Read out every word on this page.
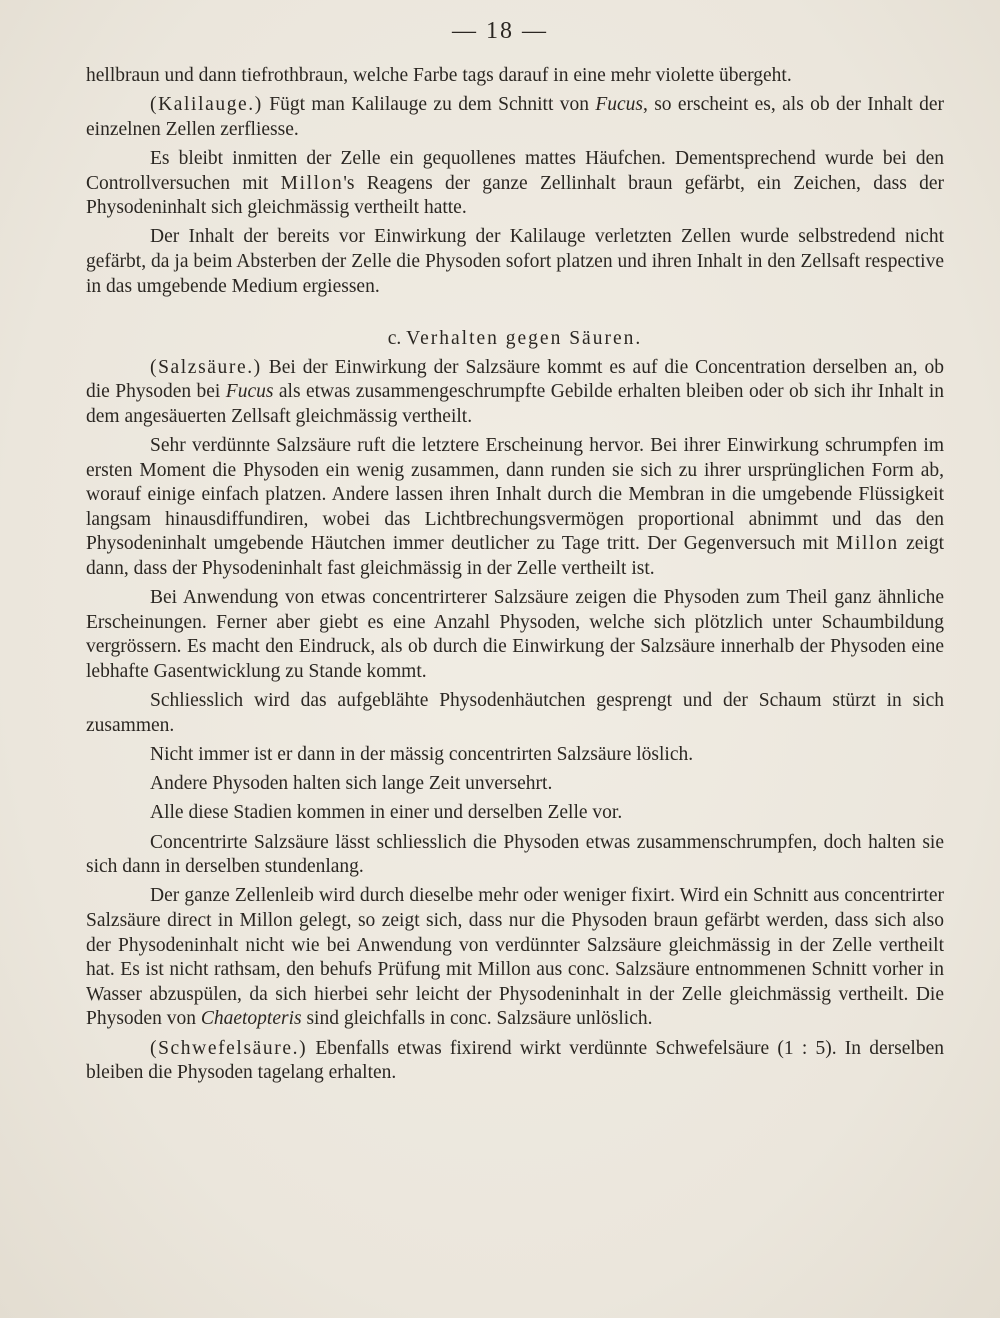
— 18 —

hellbraun und dann tiefrothbraun, welche Farbe tags darauf in eine mehr violette übergeht.

(Kalilauge.) Fügt man Kalilauge zu dem Schnitt von Fucus, so erscheint es, als ob der Inhalt der einzelnen Zellen zerfliesse.

Es bleibt inmitten der Zelle ein gequollenes mattes Häufchen. Dementsprechend wurde bei den Controllversuchen mit Millon's Reagens der ganze Zellinhalt braun gefärbt, ein Zeichen, dass der Physodeninhalt sich gleichmässig vertheilt hatte.

Der Inhalt der bereits vor Einwirkung der Kalilauge verletzten Zellen wurde selbstredend nicht gefärbt, da ja beim Absterben der Zelle die Physoden sofort platzen und ihren Inhalt in den Zellsaft respective in das umgebende Medium ergiessen.

c. Verhalten gegen Säuren.

(Salzsäure.) Bei der Einwirkung der Salzsäure kommt es auf die Concentration derselben an, ob die Physoden bei Fucus als etwas zusammengeschrumpfte Gebilde erhalten bleiben oder ob sich ihr Inhalt in dem angesäuerten Zellsaft gleichmässig vertheilt.

Sehr verdünnte Salzsäure ruft die letztere Erscheinung hervor. Bei ihrer Einwirkung schrumpfen im ersten Moment die Physoden ein wenig zusammen, dann runden sie sich zu ihrer ursprünglichen Form ab, worauf einige einfach platzen. Andere lassen ihren Inhalt durch die Membran in die umgebende Flüssigkeit langsam hinausdiffundiren, wobei das Lichtbrechungsvermögen proportional abnimmt und das den Physodeninhalt umgebende Häutchen immer deutlicher zu Tage tritt. Der Gegenversuch mit Millon zeigt dann, dass der Physodeninhalt fast gleichmässig in der Zelle vertheilt ist.

Bei Anwendung von etwas concentrirterer Salzsäure zeigen die Physoden zum Theil ganz ähnliche Erscheinungen. Ferner aber giebt es eine Anzahl Physoden, welche sich plötzlich unter Schaumbildung vergrössern. Es macht den Eindruck, als ob durch die Einwirkung der Salzsäure innerhalb der Physoden eine lebhafte Gasentwicklung zu Stande kommt.

Schliesslich wird das aufgeblähte Physodenhäutchen gesprengt und der Schaum stürzt in sich zusammen.

Nicht immer ist er dann in der mässig concentrirten Salzsäure löslich.

Andere Physoden halten sich lange Zeit unversehrt.

Alle diese Stadien kommen in einer und derselben Zelle vor.

Concentrirte Salzsäure lässt schliesslich die Physoden etwas zusammenschrumpfen, doch halten sie sich dann in derselben stundenlang.

Der ganze Zellenleib wird durch dieselbe mehr oder weniger fixirt. Wird ein Schnitt aus concentrirter Salzsäure direct in Millon gelegt, so zeigt sich, dass nur die Physoden braun gefärbt werden, dass sich also der Physodeninhalt nicht wie bei Anwendung von verdünnter Salzsäure gleichmässig in der Zelle vertheilt hat. Es ist nicht rathsam, den behufs Prüfung mit Millon aus conc. Salzsäure entnommenen Schnitt vorher in Wasser abzuspülen, da sich hierbei sehr leicht der Physodeninhalt in der Zelle gleichmässig vertheilt. Die Physoden von Chaetopteris sind gleichfalls in conc. Salzsäure unlöslich.

(Schwefelsäure.) Ebenfalls etwas fixirend wirkt verdünnte Schwefelsäure (1 : 5). In derselben bleiben die Physoden tagelang erhalten.
